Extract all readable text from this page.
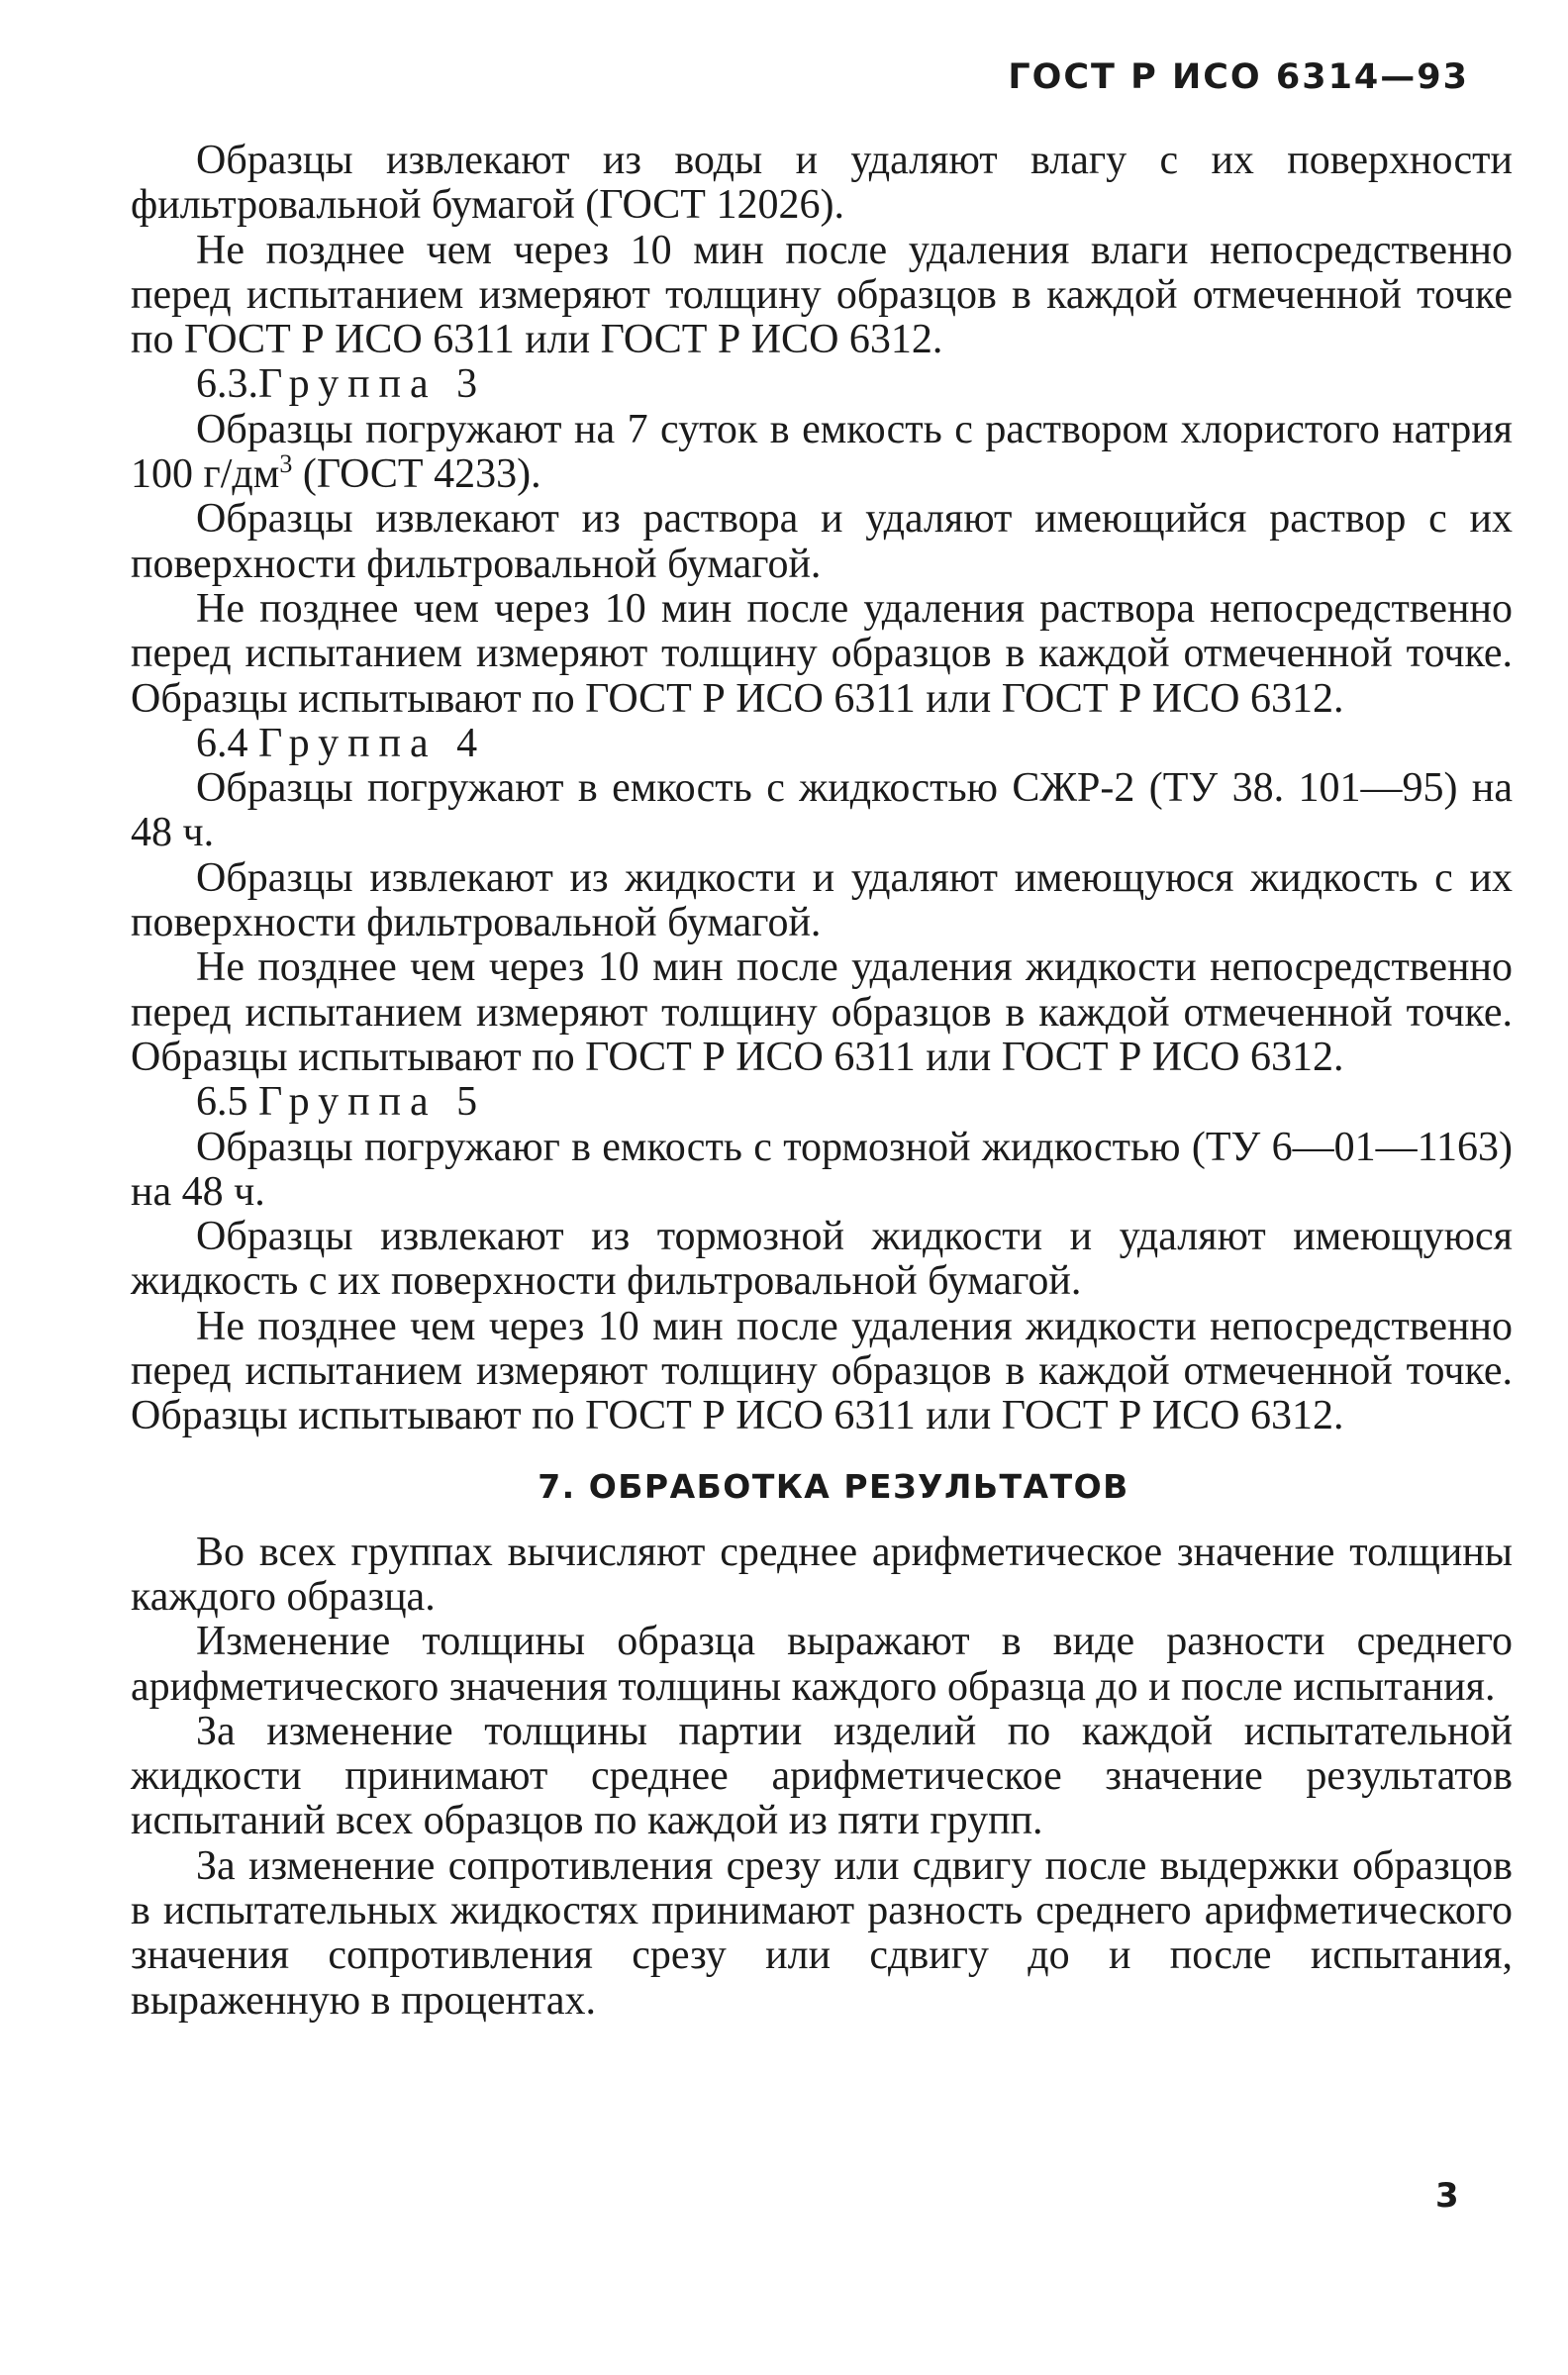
ГОСТ Р ИСО 6314—93

Образцы извлекают из воды и удаляют влагу с их поверхности фильтровальной бумагой (ГОСТ 12026).

Не позднее чем через 10 мин после удаления влаги непосредственно перед испытанием измеряют толщину образцов в каждой отмеченной точке по ГОСТ Р ИСО 6311 или ГОСТ Р ИСО 6312.

6.3.Группа 3

Образцы погружают на 7 суток в емкость с раствором хлористого натрия 100 $г/дм^3$ (ГОСТ 4233).

Образцы извлекают из раствора и удаляют имеющийся раствор с их поверхности фильтровальной бумагой.

Не позднее чем через 10 мин после удаления раствора непосредственно перед испытанием измеряют толщину образцов в каждой отмеченной точке. Образцы испытывают по ГОСТ Р ИСО 6311 или ГОСТ Р ИСО 6312.

6.4 Группа 4

Образцы погружают в емкость с жидкостью СЖР-2 (ТУ 38. 101—95) на 48 ч.

Образцы извлекают из жидкости и удаляют имеющуюся жидкость с их поверхности фильтровальной бумагой.

Не позднее чем через 10 мин после удаления жидкости непосредственно перед испытанием измеряют толщину образцов в каждой отмеченной точке. Образцы испытывают по ГОСТ Р ИСО 6311 или ГОСТ Р ИСО 6312.

6.5 Группа 5

Образцы погружаюг в емкость с тормозной жидкостью (ТУ 6—01—1163) на 48 ч.

Образцы извлекают из тормозной жидкости и удаляют имеющуюся жидкость с их поверхности фильтровальной бумагой.

Не позднее чем через 10 мин после удаления жидкости непосредственно перед испытанием измеряют толщину образцов в каждой отмеченной точке. Образцы испытывают по ГОСТ Р ИСО 6311 или ГОСТ Р ИСО 6312.

7. ОБРАБОТКА РЕЗУЛЬТАТОВ

Во всех группах вычисляют среднее арифметическое значение толщины каждого образца.

Изменение толщины образца выражают в виде разности среднего арифметического значения толщины каждого образца до и после испытания.

За изменение толщины партии изделий по каждой испытательной жидкости принимают среднее арифметическое значение результатов испытаний всех образцов по каждой из пяти групп.

За изменение сопротивления срезу или сдвигу после выдержки образцов в испытательных жидкостях принимают разность среднего арифметического значения сопротивления срезу или сдвигу до и после испытания, выраженную в процентах.

3
